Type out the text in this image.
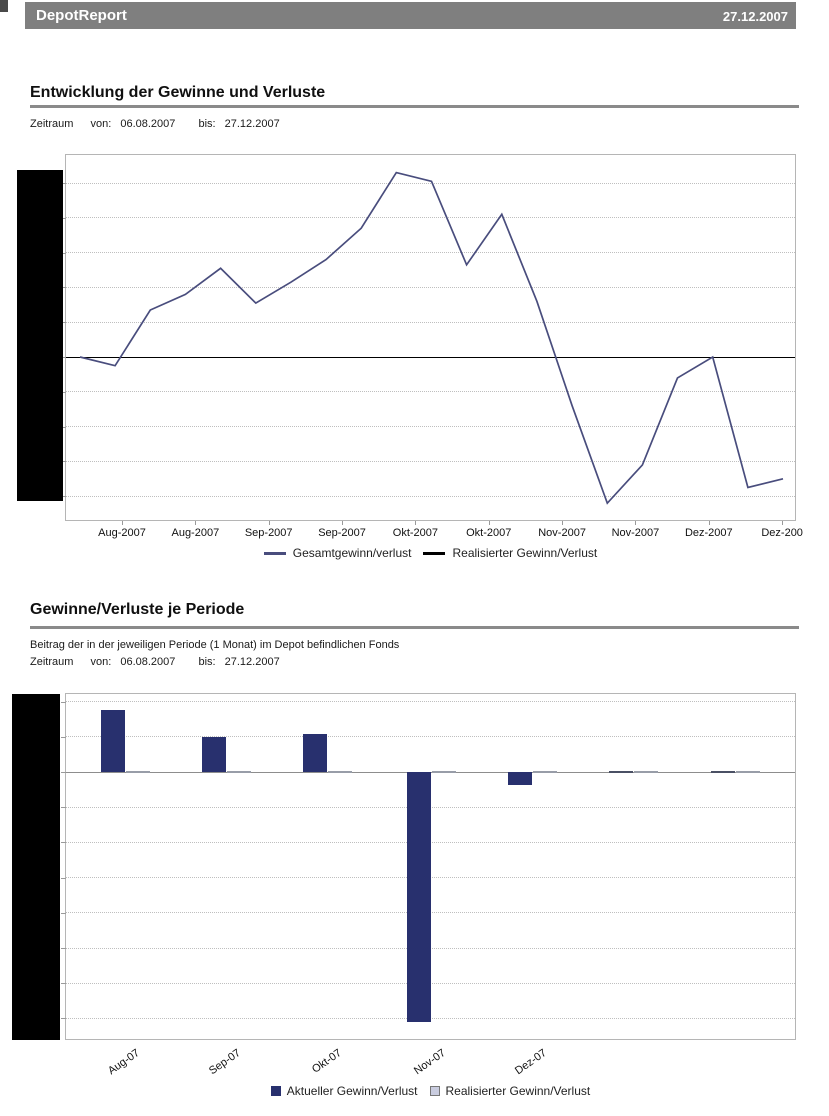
DepotReport	27.12.2007
Entwicklung der Gewinne und Verluste
Zeitraum von: 06.08.2007 bis: 27.12.2007
Aug-2007 Aug-2007 Sep-2007 Sep-2007 Okt-2007	Okt-2007 Nov-2007 Nov-2007 Dez-2007	Dez-200
Gesamtgewinn/verlust	Realisierter Gewinn/Verlust
Gewinne/Verluste je Periode
Beitrag der in der jeweiligen Periode (1 Monat) im Depot befindlichen Fonds
Zeitraum von: 06.08.2007 bis: 27.12.2007
Aug-07	Sep-07	Okt-07	Nov-07	Dez-07
Aktueller Gewinn/Verlust Realisierter Gewinn/Verlust
